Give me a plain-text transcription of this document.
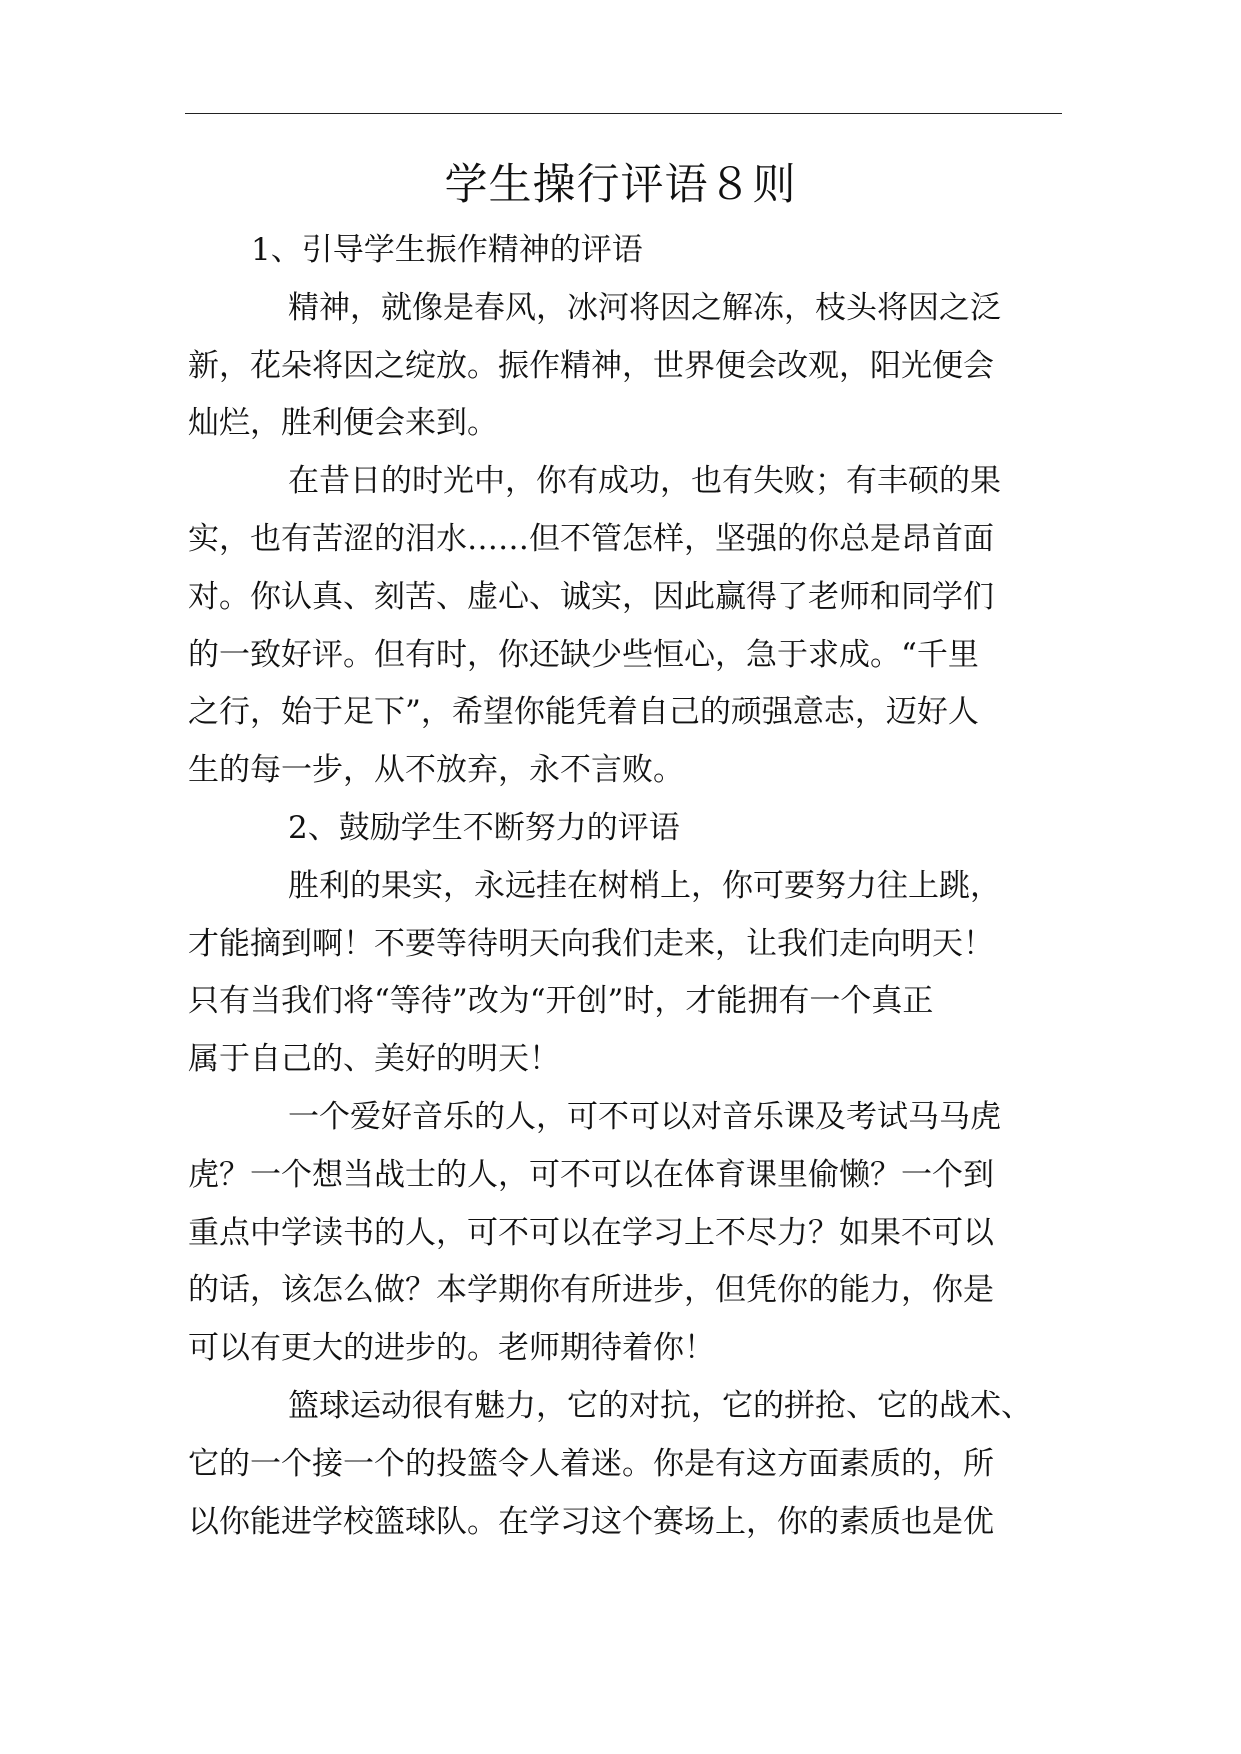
学生操行评语８则
1、引导学生振作精神的评语
精神，就像是春风，冰河将因之解冻，枝头将因之泛
新，花朵将因之绽放。振作精神，世界便会改观，阳光便会
灿烂，胜利便会来到。
在昔日的时光中，你有成功，也有失败；有丰硕的果
实，也有苦涩的泪水……但不管怎样，坚强的你总是昂首面
对。你认真、刻苦、虚心、诚实，因此赢得了老师和同学们
的一致好评。但有时，你还缺少些恒心，急于求成。“千里
之行，始于足下”，希望你能凭着自己的顽强意志，迈好人
生的每一步，从不放弃，永不言败。
2、鼓励学生不断努力的评语
胜利的果实，永远挂在树梢上，你可要努力往上跳，
才能摘到啊！不要等待明天向我们走来，让我们走向明天！
只有当我们将“等待”改为“开创”时，才能拥有一个真正
属于自己的、美好的明天！
一个爱好音乐的人，可不可以对音乐课及考试马马虎
虎？一个想当战士的人，可不可以在体育课里偷懒？一个到
重点中学读书的人，可不可以在学习上不尽力？如果不可以
的话，该怎么做？本学期你有所进步，但凭你的能力，你是
可以有更大的进步的。老师期待着你！
篮球运动很有魅力，它的对抗，它的拼抢、它的战术、
它的一个接一个的投篮令人着迷。你是有这方面素质的，所
以你能进学校篮球队。在学习这个赛场上，你的素质也是优
